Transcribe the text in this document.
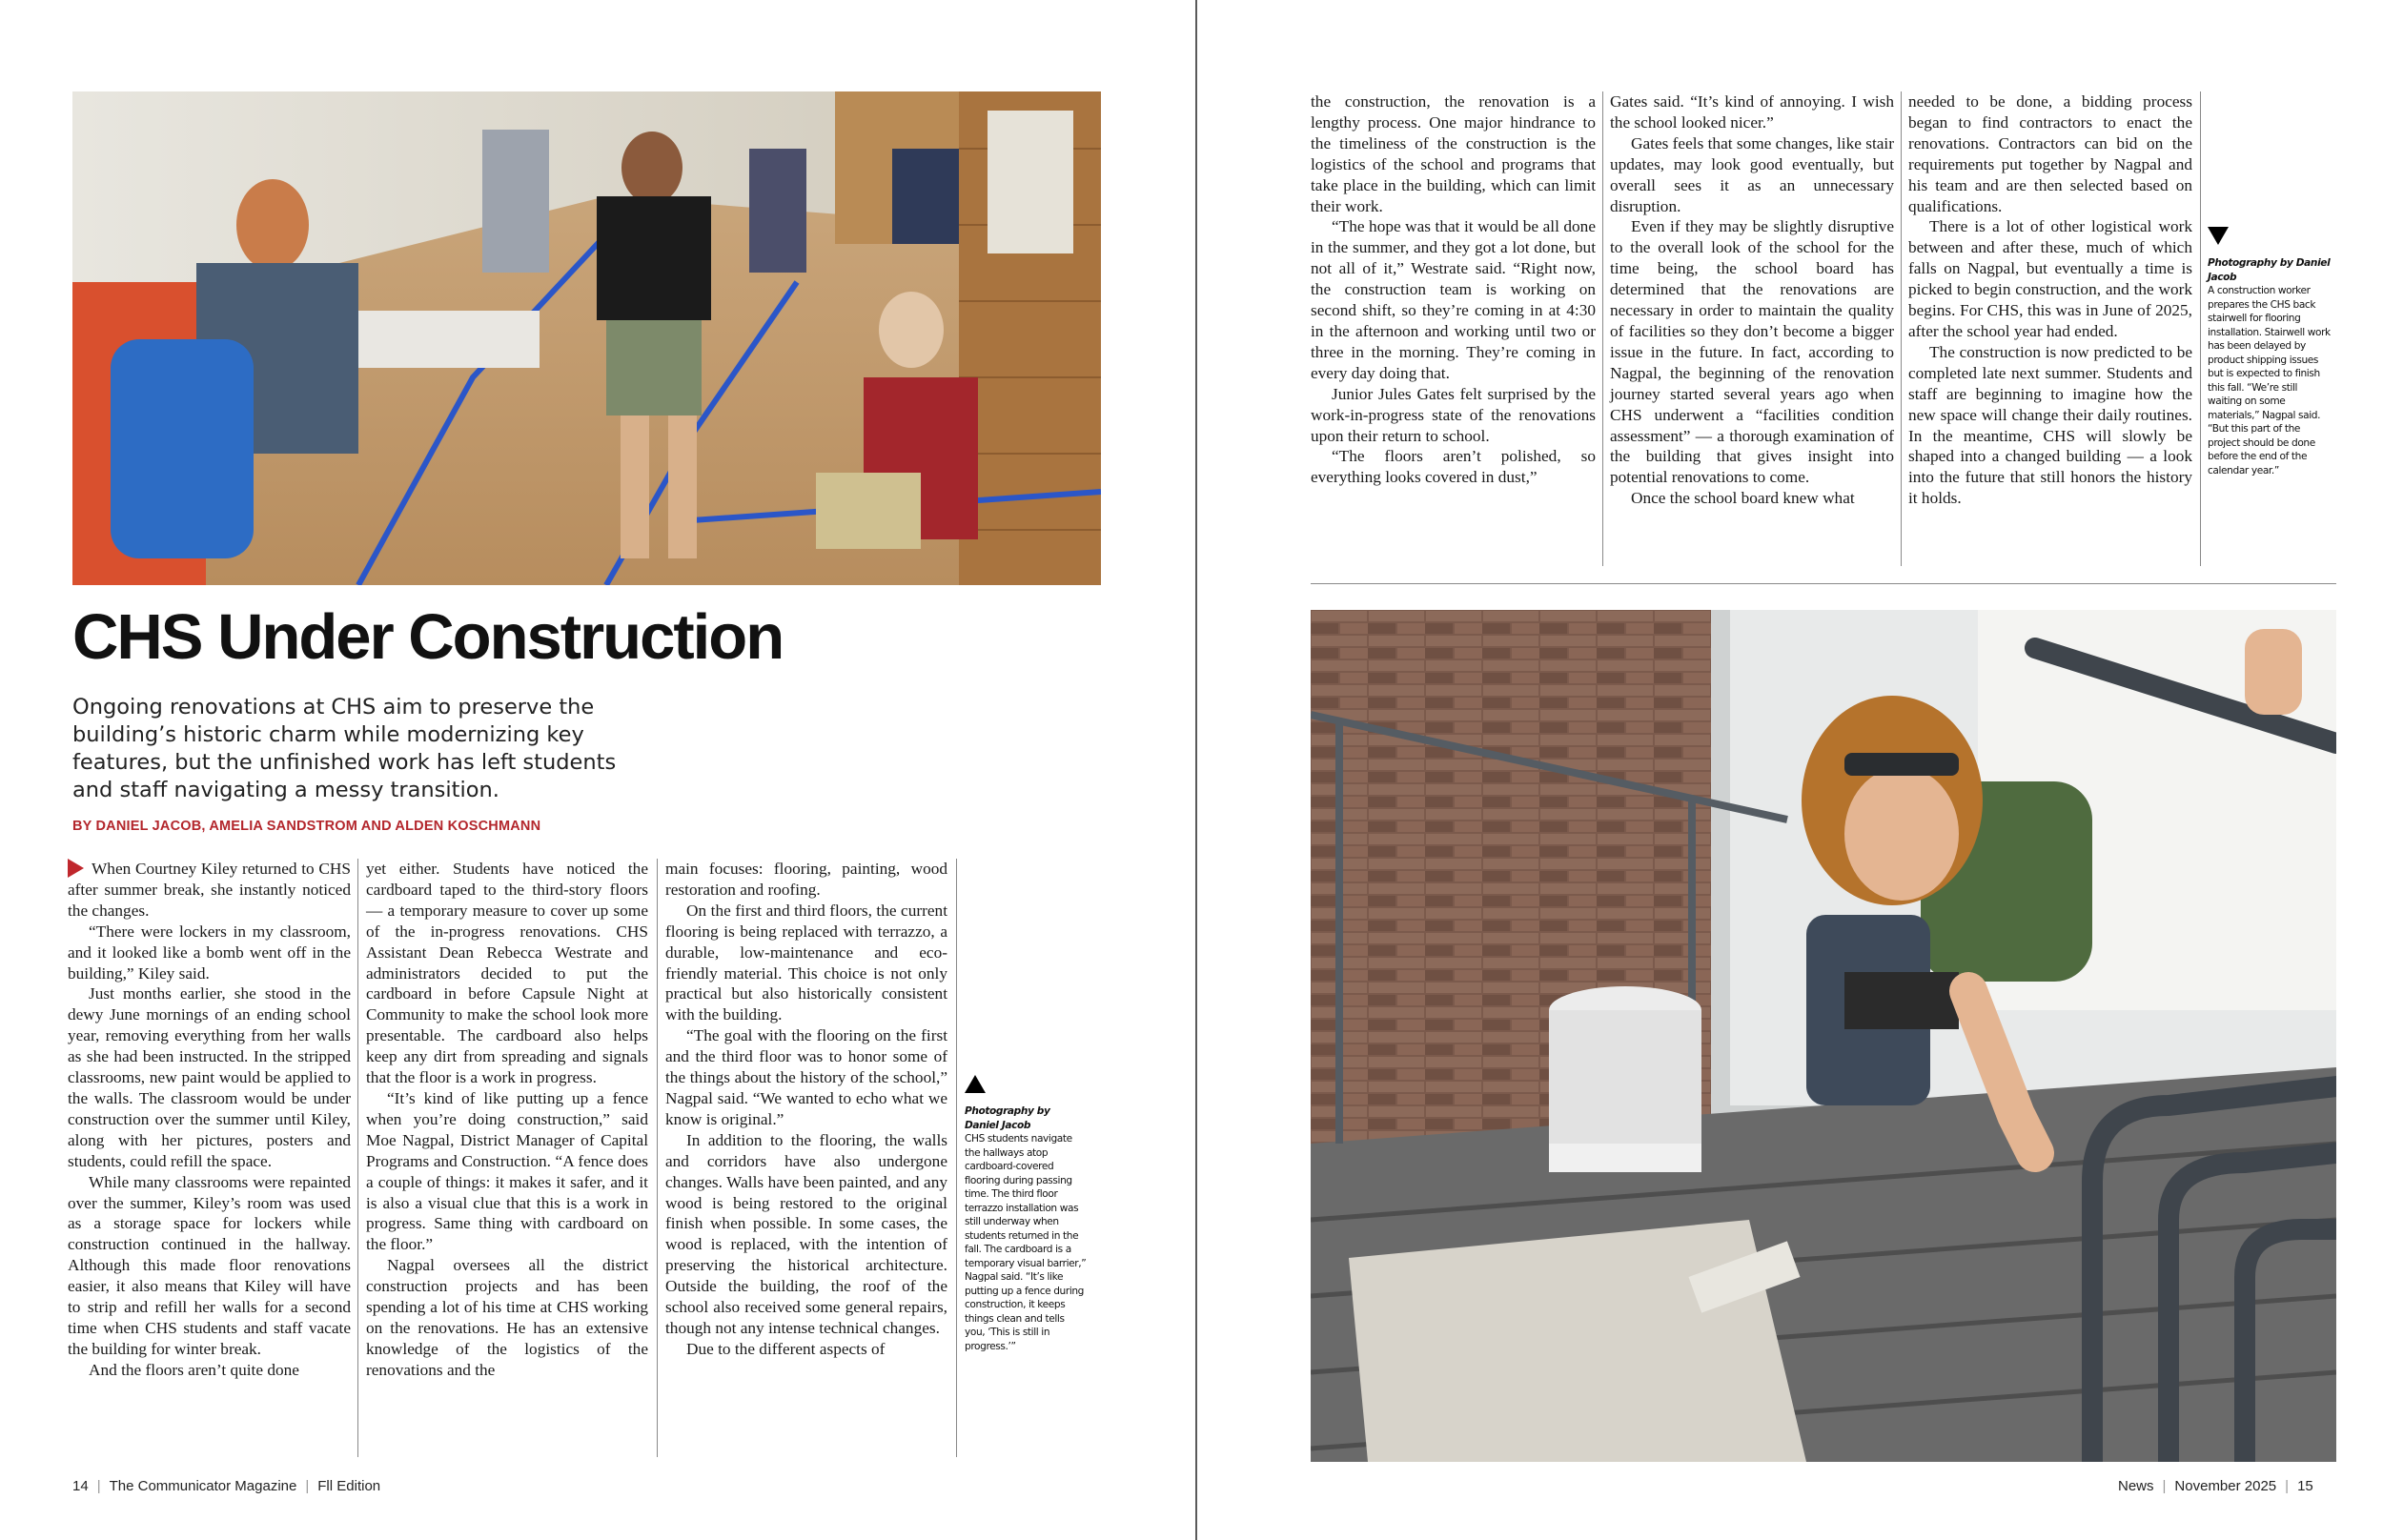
CHS Under Construction

Ongoing renovations at CHS aim to preserve the building’s historic charm while modernizing key features, but the unfinished work has left students and staff navigating a messy transition.

BY DANIEL JACOB, AMELIA SANDSTROM AND ALDEN KOSCHMANN

When Courtney Kiley returned to CHS after summer break, she instantly noticed the changes.

“There were lockers in my classroom, and it looked like a bomb went off in the building,” Kiley said.

Just months earlier, she stood in the dewy June mornings of an ending school year, removing everything from her walls as she had been instructed. In the stripped classrooms, new paint would be applied to the walls. The classroom would be under construction over the summer until Kiley, along with her pictures, posters and students, could refill the space.

While many classrooms were repainted over the summer, Kiley’s room was used as a storage space for lockers while construction continued in the hallway. Although this made floor renovations easier, it also means that Kiley will have to strip and refill her walls for a second time when CHS students and staff vacate the building for winter break.

And the floors aren’t quite done

yet either. Students have noticed the cardboard taped to the third-story floors — a temporary measure to cover up some of the in-progress renovations. CHS Assistant Dean Rebecca Westrate and administrators decided to put the cardboard in before Capsule Night at Community to make the school look more presentable. The cardboard also helps keep any dirt from spreading and signals that the floor is a work in progress.

“It’s kind of like putting up a fence when you’re doing construction,” said Moe Nagpal, District Manager of Capital Programs and Construction. “A fence does a couple of things: it makes it safer, and it is also a visual clue that this is a work in progress. Same thing with cardboard on the floor.”

Nagpal oversees all the district construction projects and has been spending a lot of his time at CHS working on the renovations. He has an extensive knowledge of the logistics of the renovations and the

main focuses: flooring, painting, wood restoration and roofing.

On the first and third floors, the current flooring is being replaced with terrazzo, a durable, low-maintenance and eco-friendly material. This choice is not only practical but also historically consistent with the building.

“The goal with the flooring on the first and the third floor was to honor some of the things about the history of the school,” Nagpal said. “We wanted to echo what we know is original.”

In addition to the flooring, the walls and corridors have also undergone changes. Walls have been painted, and any wood is being restored to the original finish when possible. In some cases, the wood is replaced, with the intention of preserving the historical architecture. Outside the building, the roof of the school also received some general repairs, though not any intense technical changes.

Due to the different aspects of

Photography by Daniel Jacob
CHS students navigate the hallways atop cardboard-covered flooring during passing time. The third floor terrazzo installation was still underway when students returned in the fall. The cardboard is a temporary visual barrier,” Nagpal said. “It’s like putting up a fence during construction, it keeps things clean and tells you, ‘This is still in progress.’”
14 | The Communicator Magazine | Fll Edition

the construction, the renovation is a lengthy process. One major hindrance to the timeliness of the construction is the logistics of the school and programs that take place in the building, which can limit their work.

“The hope was that it would be all done in the summer, and they got a lot done, but not all of it,” Westrate said. “Right now, the construction team is working on second shift, so they’re coming in at 4:30 in the afternoon and working until two or three in the morning. They’re coming in every day doing that.

Junior Jules Gates felt surprised by the work-in-progress state of the renovations upon their return to school.

“The floors aren’t polished, so everything looks covered in dust,”

Gates said. “It’s kind of annoying. I wish the school looked nicer.”

Gates feels that some changes, like stair updates, may look good eventually, but overall sees it as an unnecessary disruption.

Even if they may be slightly disruptive to the overall look of the school for the time being, the school board has determined that the renovations are necessary in order to maintain the quality of facilities so they don’t become a bigger issue in the future. In fact, according to Nagpal, the beginning of the renovation journey started several years ago when CHS underwent a “facilities condition assessment” — a thorough examination of the building that gives insight into potential renovations to come.

Once the school board knew what

needed to be done, a bidding process began to find contractors to enact the renovations. Contractors can bid on the requirements put together by Nagpal and his team and are then selected based on qualifications.

There is a lot of other logistical work between and after these, much of which falls on Nagpal, but eventually a time is picked to begin construction, and the work begins. For CHS, this was in June of 2025, after the school year had ended.

The construction is now predicted to be completed late next summer. Students and staff are beginning to imagine how the new space will change their daily routines. In the meantime, CHS will slowly be shaped into a changed building — a look into the future that still honors the history it holds.

Photography by Daniel Jacob
A construction worker prepares the CHS back stairwell for flooring installation. Stairwell work has been delayed by product shipping issues but is expected to finish this fall. “We’re still waiting on some materials,” Nagpal said. “But this part of the project should be done before the end of the calendar year.”
News | November 2025 | 15
